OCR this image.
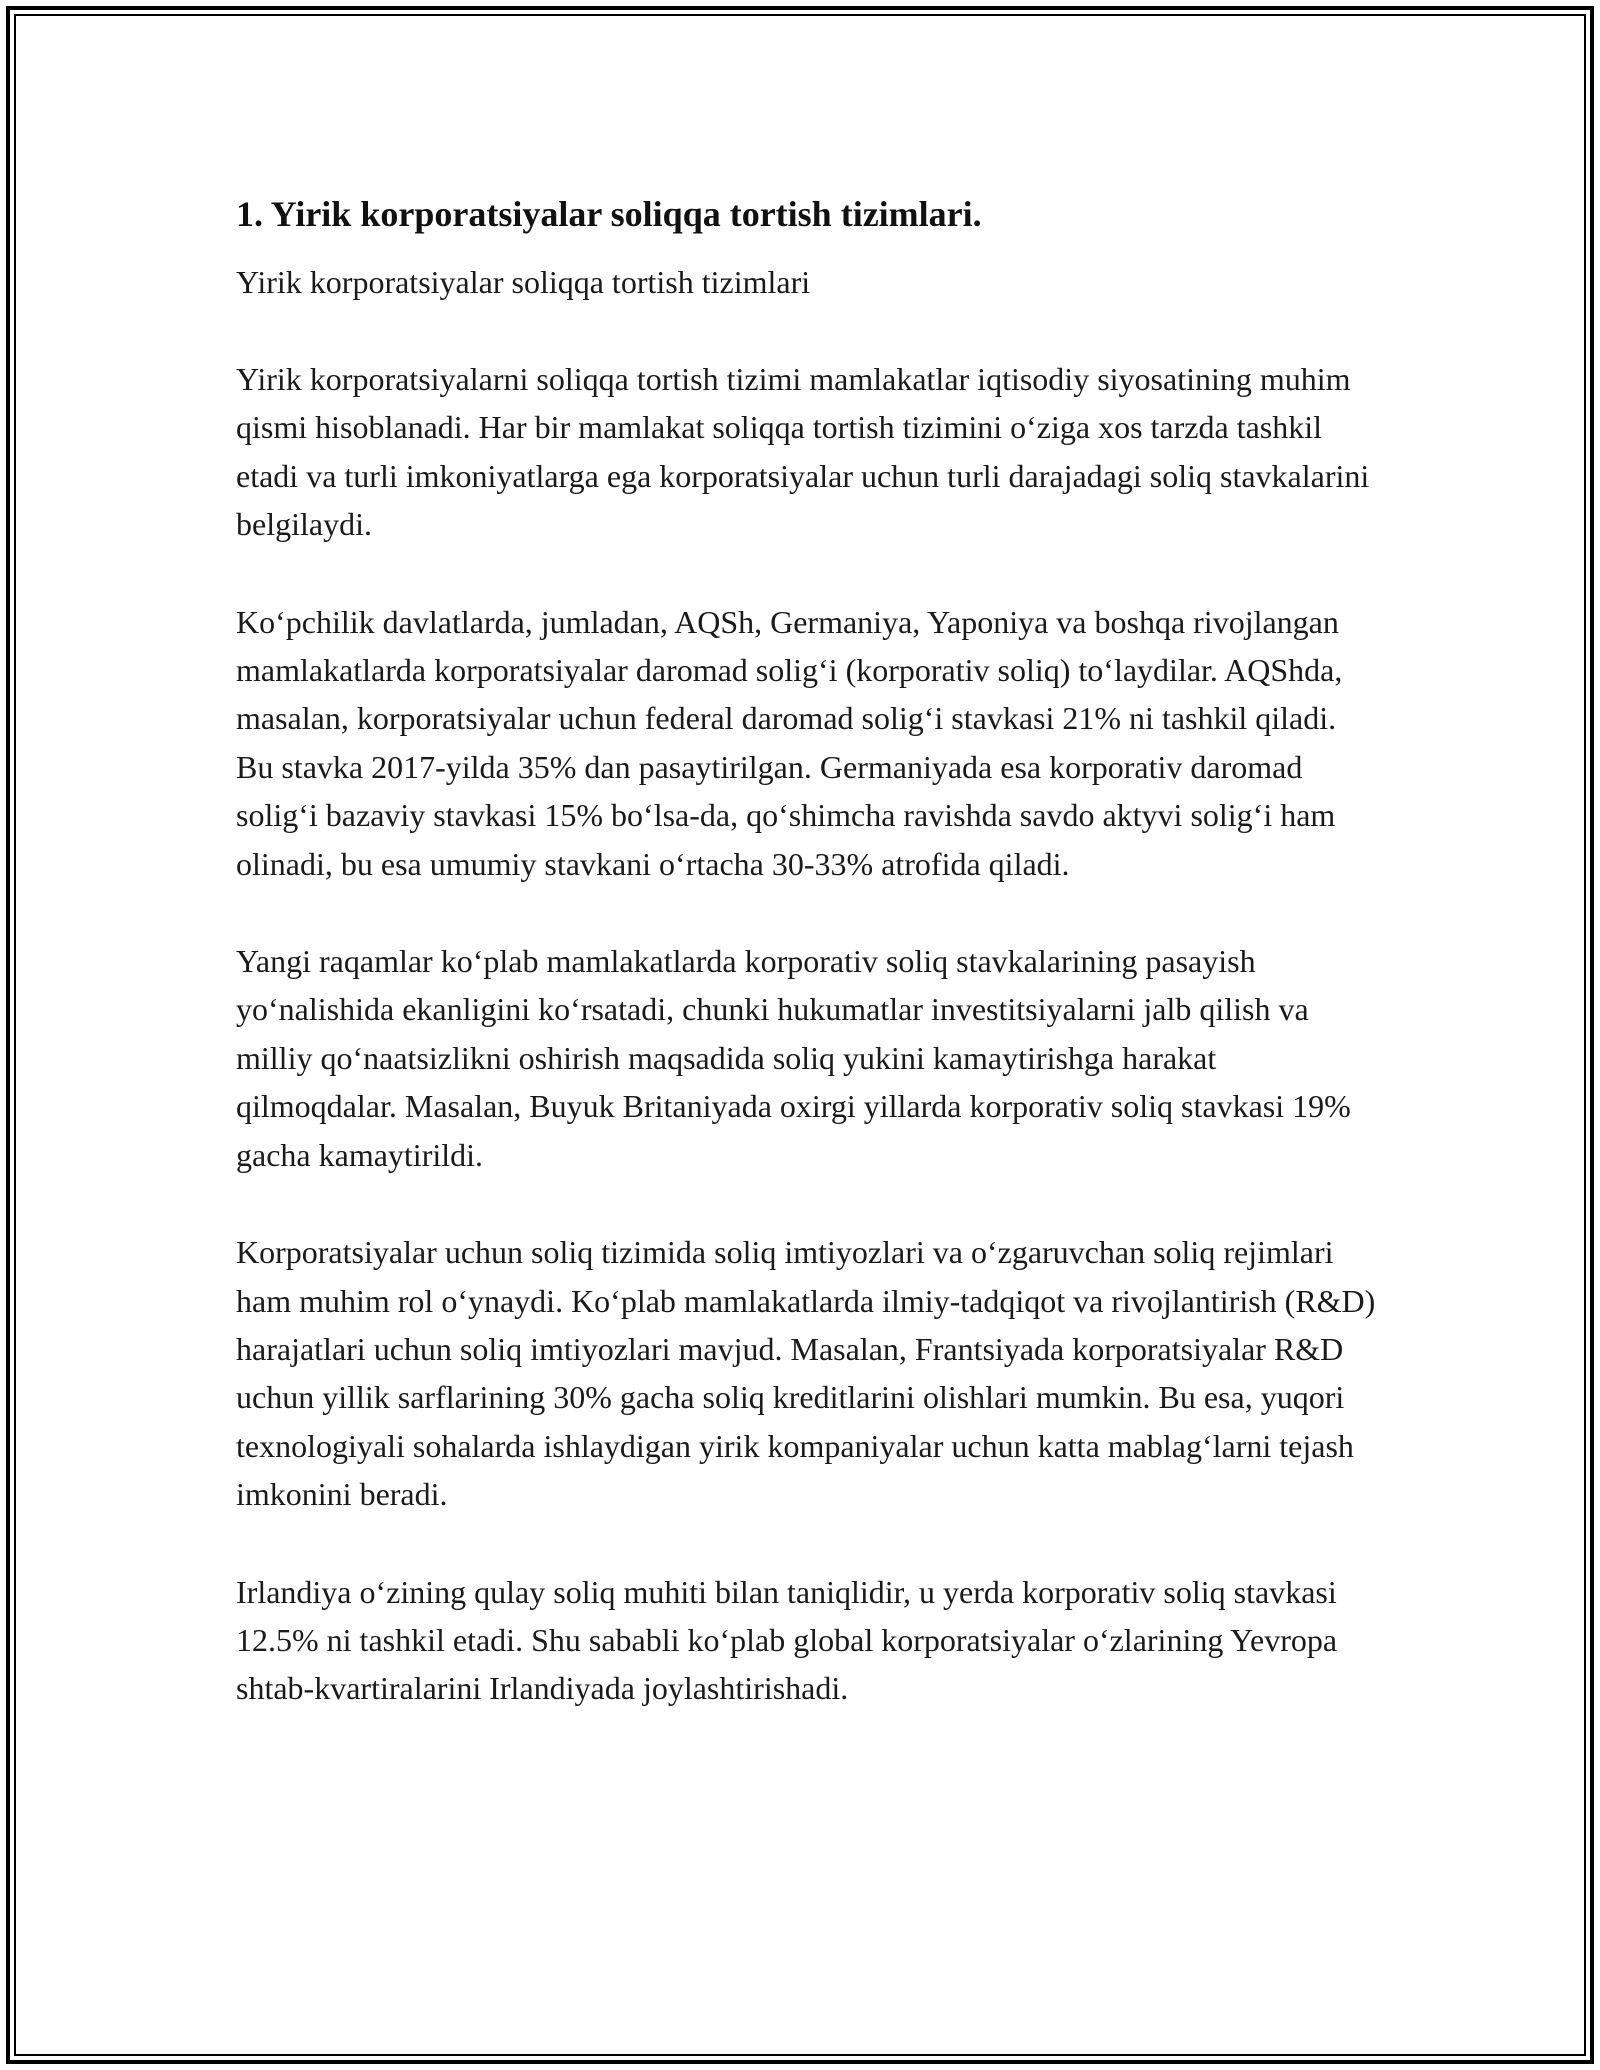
1. Yirik korporatsiyalar soliqqa tortish tizimlari.

Yirik korporatsiyalar soliqqa tortish tizimlari

Yirik korporatsiyalarni soliqqa tortish tizimi mamlakatlar iqtisodiy siyosatining muhim qismi hisoblanadi. Har bir mamlakat soliqqa tortish tizimini o‘ziga xos tarzda tashkil etadi va turli imkoniyatlarga ega korporatsiyalar uchun turli darajadagi soliq stavkalarini belgilaydi.

Ko‘pchilik davlatlarda, jumladan, AQSh, Germaniya, Yaponiya va boshqa rivojlangan mamlakatlarda korporatsiyalar daromad solig‘i (korporativ soliq) to‘laydilar. AQShda, masalan, korporatsiyalar uchun federal daromad solig‘i stavkasi 21% ni tashkil qiladi. Bu stavka 2017-yilda 35% dan pasaytirilgan. Germaniyada esa korporativ daromad solig‘i bazaviy stavkasi 15% bo‘lsa-da, qo‘shimcha ravishda savdo aktyvi solig‘i ham olinadi, bu esa umumiy stavkani o‘rtacha 30-33% atrofida qiladi.

Yangi raqamlar ko‘plab mamlakatlarda korporativ soliq stavkalarining pasayish yo‘nalishida ekanligini ko‘rsatadi, chunki hukumatlar investitsiyalarni jalb qilish va milliy qo‘naatsizlikni oshirish maqsadida soliq yukini kamaytirishga harakat qilmoqdalar. Masalan, Buyuk Britaniyada oxirgi yillarda korporativ soliq stavkasi 19% gacha kamaytirildi.

Korporatsiyalar uchun soliq tizimida soliq imtiyozlari va o‘zgaruvchan soliq rejimlari ham muhim rol o‘ynaydi. Ko‘plab mamlakatlarda ilmiy-tadqiqot va rivojlantirish (R&D) harajatlari uchun soliq imtiyozlari mavjud. Masalan, Frantsiyada korporatsiyalar R&D uchun yillik sarflarining 30% gacha soliq kreditlarini olishlari mumkin. Bu esa, yuqori texnologiyali sohalarda ishlaydigan yirik kompaniyalar uchun katta mablag‘larni tejash imkonini beradi.

Irlandiya o‘zining qulay soliq muhiti bilan taniqlidir, u yerda korporativ soliq stavkasi 12.5% ni tashkil etadi. Shu sababli ko‘plab global korporatsiyalar o‘zlarining Yevropa shtab-kvartiralarini Irlandiyada joylashtirishadi.
